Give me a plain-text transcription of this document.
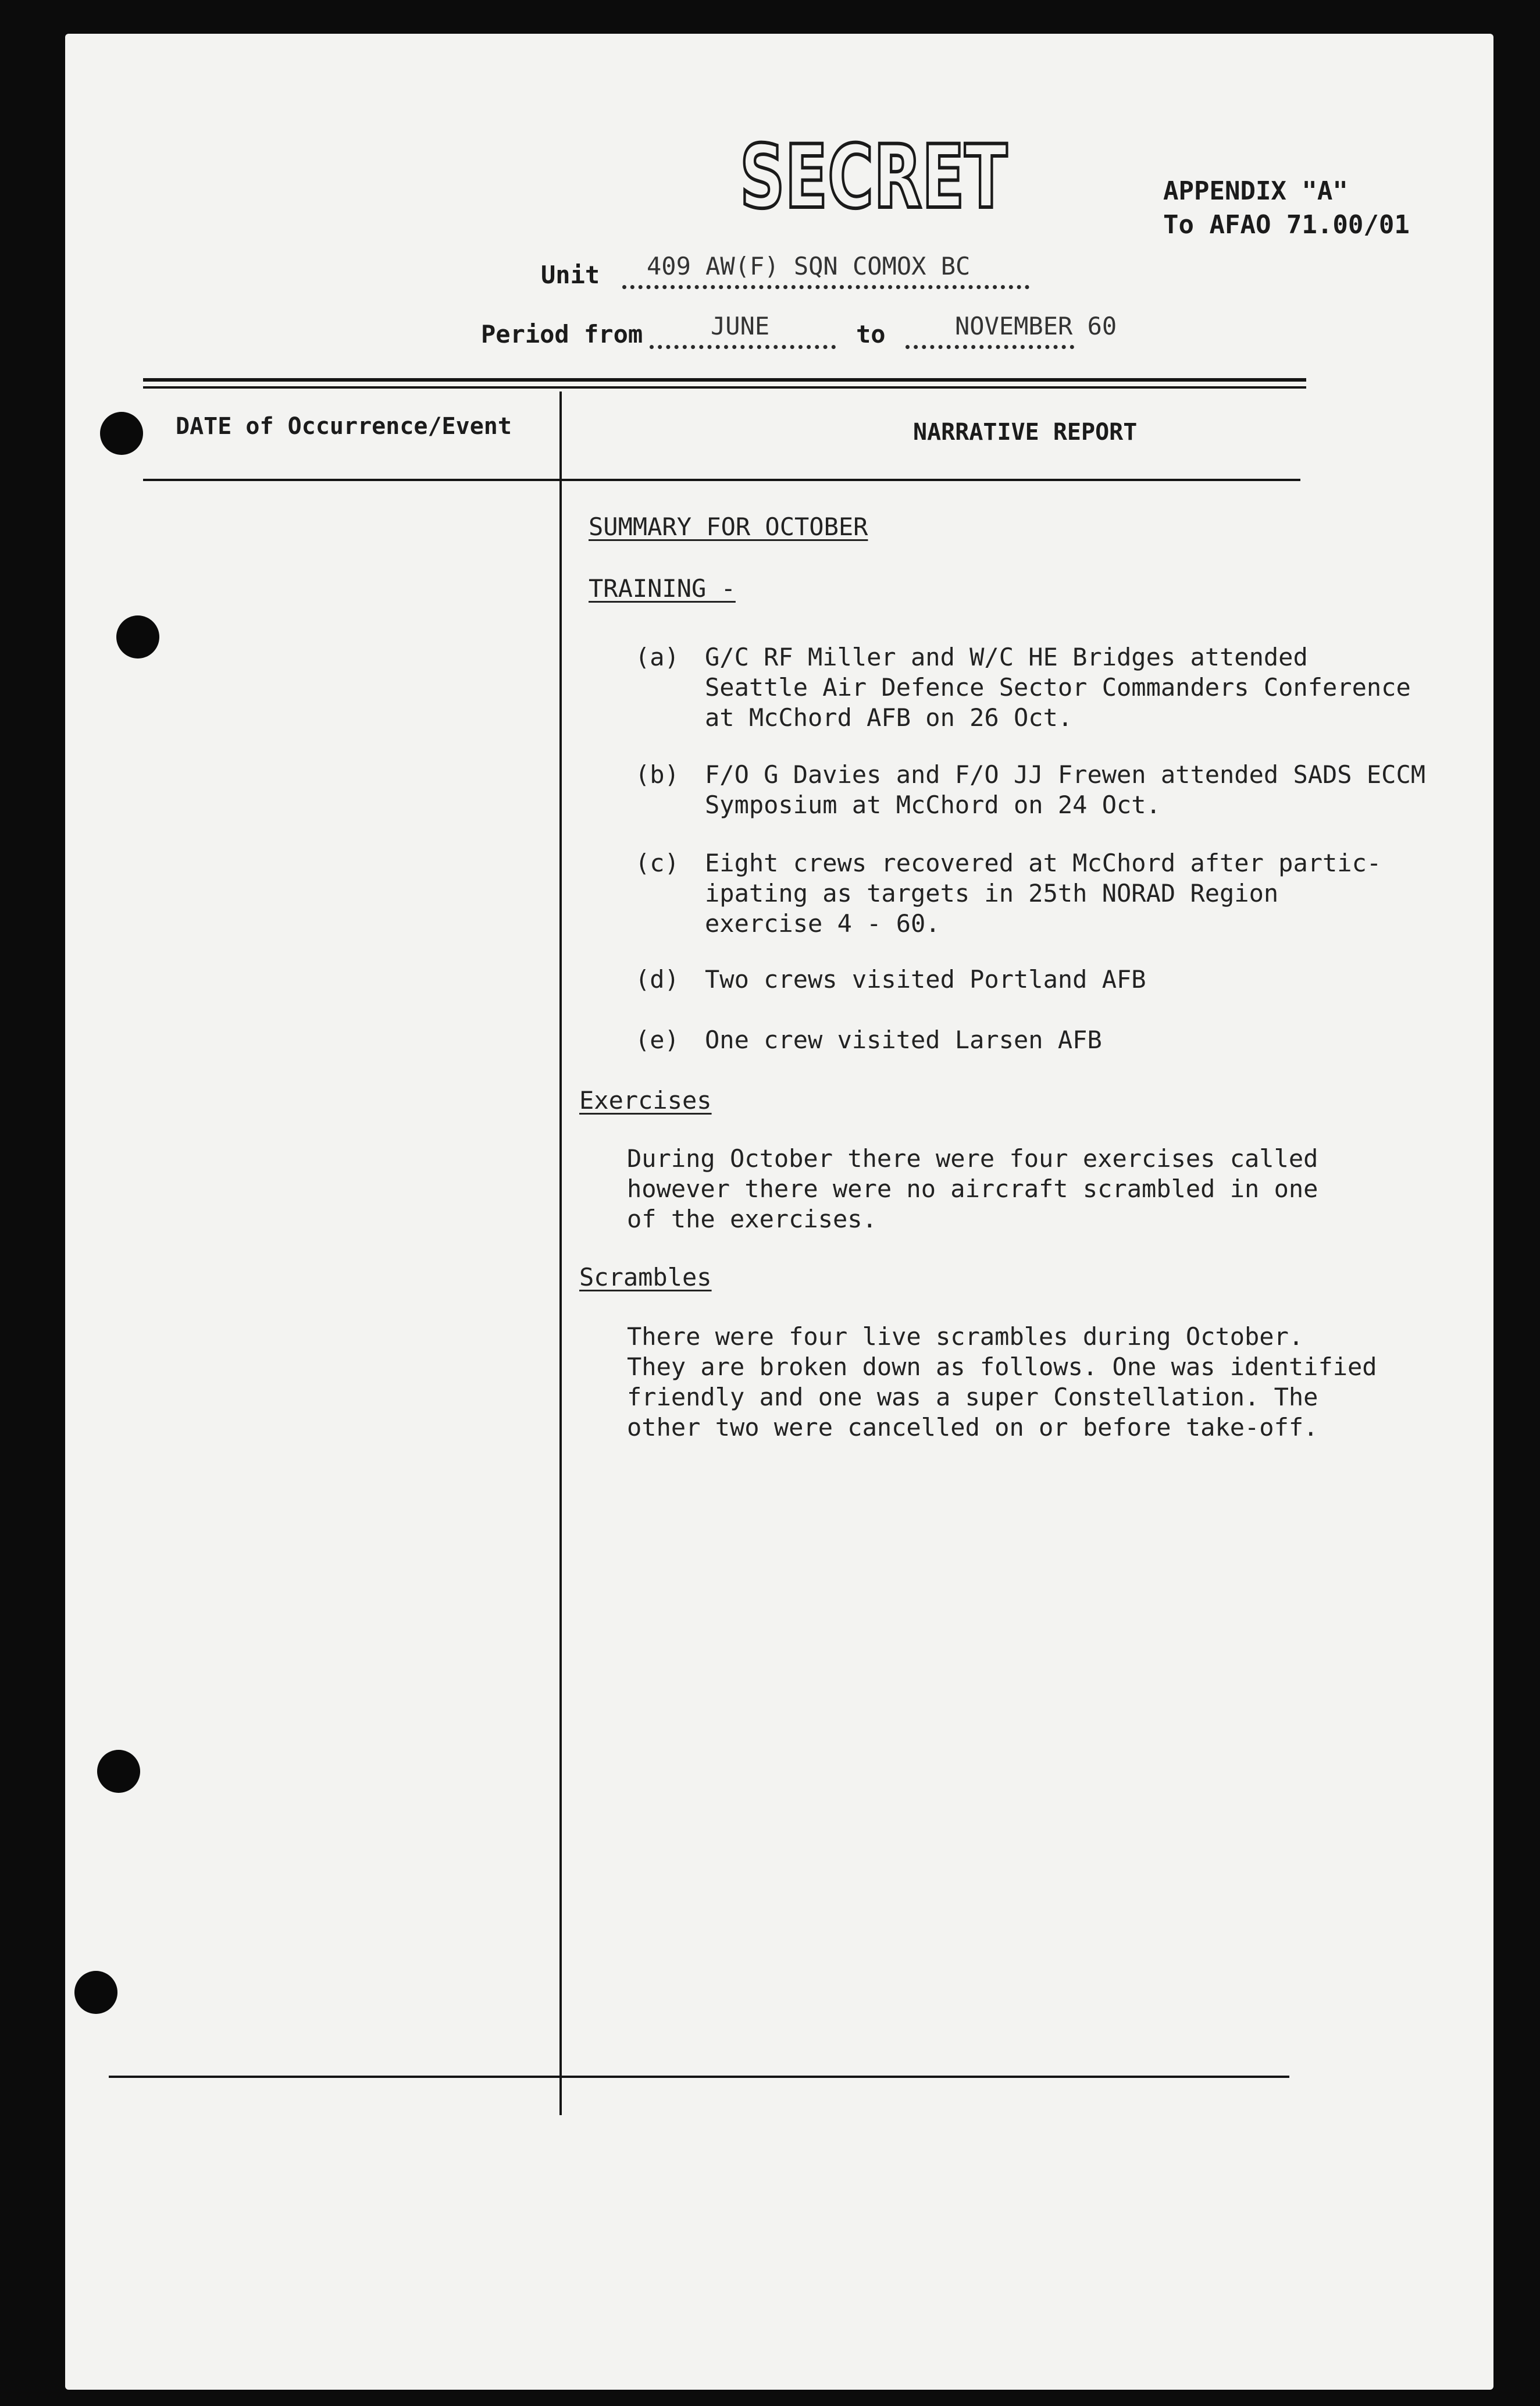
SECRET	APPENDIX "A"
To AFAO 71.00/01
Unit 409 AW(F) SQN COMOX BC
Period from	JUNE	to	NOVEMBER 60
DATE of Occurrence/Event	NARRATIVE REPORT
SUMMARY FOR OCTOBER
TRAINING -
(a) G/C RF Miller and W/C HE Bridges attended
Seattle Air Defence Sector Commanders Conference
at McChord AFB on 26 Oct.
(b) F/O G Davies and F/O JJ Frewen attended SADS ECCM
Symposium at McChord on 24 Oct.
(c) Eight crews recovered at McChord after partic-
ipating as targets in 25th NORAD Region
exercise 4 - 60.
(d) Two crews visited Portland AFB
(e) One crew visited Larsen AFB
Exercises
During October there were four exercises called
however there were no aircraft scrambled in one
of the exercises.
Scrambles
There were four live scrambles during October.
They are broken down as follows. One was identified
friendly and one was a super Constellation. The
other two were cancelled on or before take-off.
